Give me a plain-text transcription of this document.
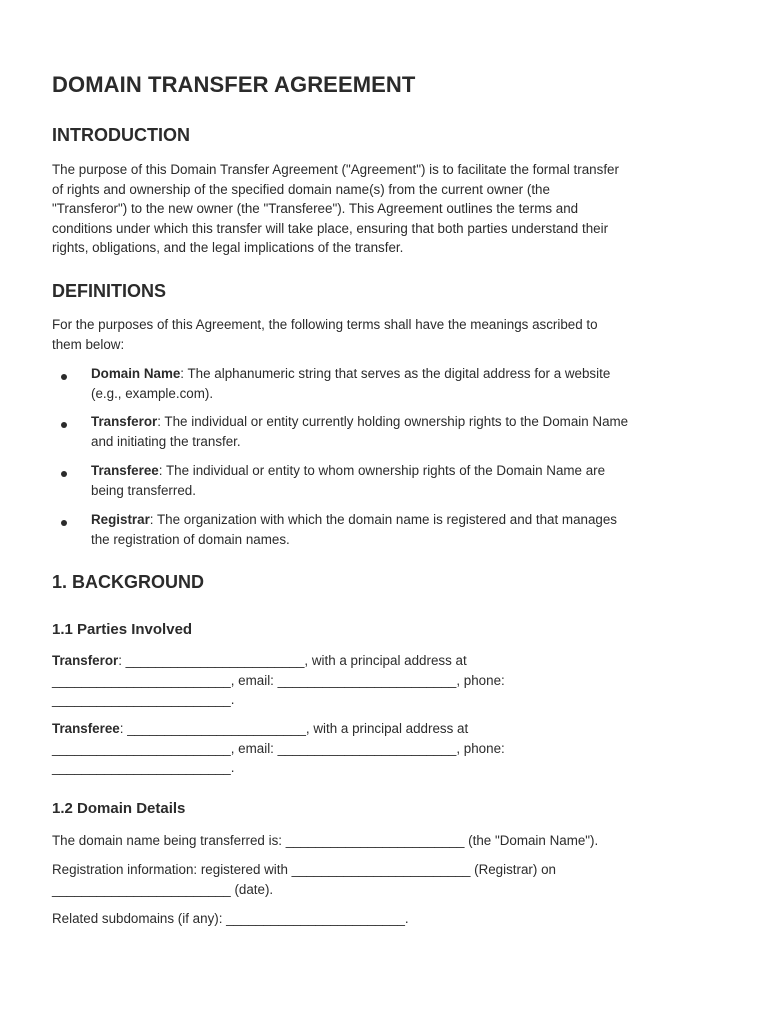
DOMAIN TRANSFER AGREEMENT
INTRODUCTION
The purpose of this Domain Transfer Agreement ("Agreement") is to facilitate the formal transfer
of rights and ownership of the specified domain name(s) from the current owner (the
"Transferor") to the new owner (the "Transferee"). This Agreement outlines the terms and
conditions under which this transfer will take place, ensuring that both parties understand their
rights, obligations, and the legal implications of the transfer.
DEFINITIONS
For the purposes of this Agreement, the following terms shall have the meanings ascribed to
them below:
Domain Name: The alphanumeric string that serves as the digital address for a website
(e.g., example.com).
Transferor: The individual or entity currently holding ownership rights to the Domain Name
and initiating the transfer.
Transferee: The individual or entity to whom ownership rights of the Domain Name are
being transferred.
Registrar: The organization with which the domain name is registered and that manages
the registration of domain names.
1. BACKGROUND
1.1 Parties Involved
Transferor: ________________________, with a principal address at
________________________, email: ________________________, phone:
________________________.
Transferee: ________________________, with a principal address at
________________________, email: ________________________, phone:
________________________.
1.2 Domain Details
The domain name being transferred is: ________________________ (the "Domain Name").
Registration information: registered with ________________________ (Registrar) on
________________________ (date).
Related subdomains (if any): ________________________.
